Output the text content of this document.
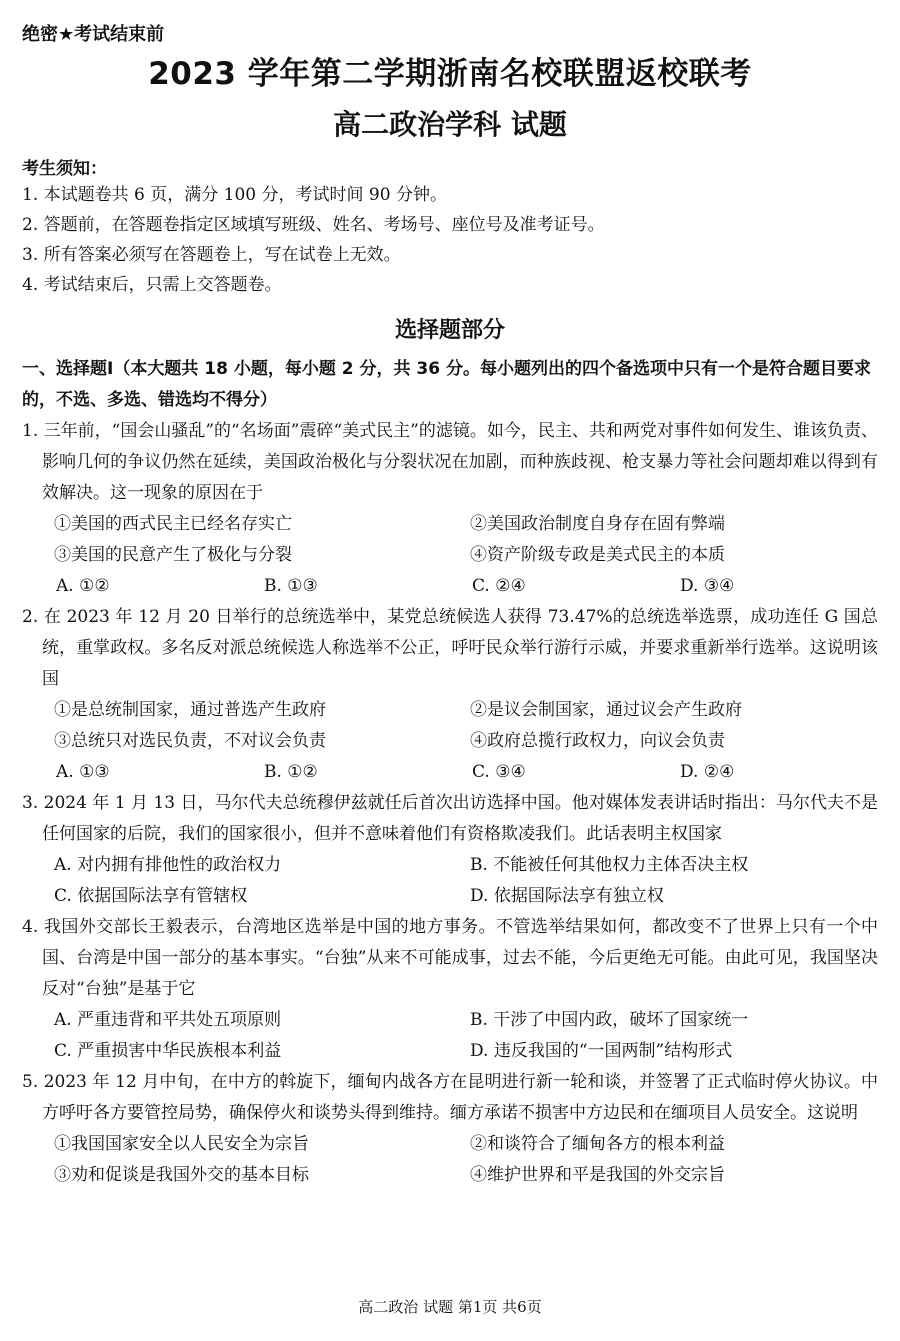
绝密★考试结束前
2023 学年第二学期浙南名校联盟返校联考
高二政治学科 试题
考生须知：
1. 本试题卷共 6 页，满分 100 分，考试时间 90 分钟。
2. 答题前，在答题卷指定区域填写班级、姓名、考场号、座位号及准考证号。
3. 所有答案必须写在答题卷上，写在试卷上无效。
4. 考试结束后，只需上交答题卷。
选择题部分
一、选择题Ⅰ（本大题共 18 小题，每小题 2 分，共 36 分。每小题列出的四个备选项中只有一个是符合题目要求的，不选、多选、错选均不得分）
1. 三年前，“国会山骚乱”的“名场面”震碎“美式民主”的滤镜。如今，民主、共和两党对事件如何发生、谁该负责、影响几何的争议仍然在延续，美国政治极化与分裂状况在加剧，而种族歧视、枪支暴力等社会问题却难以得到有效解决。这一现象的原因在于
①美国的西式民主已经名存实亡	②美国政治制度自身存在固有弊端
③美国的民意产生了极化与分裂	④资产阶级专政是美式民主的本质
A. ①②	B. ①③	C. ②④	D. ③④
2. 在 2023 年 12 月 20 日举行的总统选举中，某党总统候选人获得 73.47%的总统选举选票，成功连任 G 国总统，重掌政权。多名反对派总统候选人称选举不公正，呼吁民众举行游行示威，并要求重新举行选举。这说明该国
①是总统制国家，通过普选产生政府	②是议会制国家，通过议会产生政府
③总统只对选民负责，不对议会负责	④政府总揽行政权力，向议会负责
A. ①③	B. ①②	C. ③④	D. ②④
3. 2024 年 1 月 13 日，马尔代夫总统穆伊兹就任后首次出访选择中国。他对媒体发表讲话时指出：马尔代夫不是任何国家的后院，我们的国家很小，但并不意味着他们有资格欺凌我们。此话表明主权国家
A. 对内拥有排他性的政治权力	B. 不能被任何其他权力主体否决主权
C. 依据国际法享有管辖权	D. 依据国际法享有独立权
4. 我国外交部长王毅表示，台湾地区选举是中国的地方事务。不管选举结果如何，都改变不了世界上只有一个中国、台湾是中国一部分的基本事实。“台独”从来不可能成事，过去不能，今后更绝无可能。由此可见，我国坚决反对“台独”是基于它
A. 严重违背和平共处五项原则	B. 干涉了中国内政，破坏了国家统一
C. 严重损害中华民族根本利益	D. 违反我国的“一国两制”结构形式
5. 2023 年 12 月中旬，在中方的斡旋下，缅甸内战各方在昆明进行新一轮和谈，并签署了正式临时停火协议。中方呼吁各方要管控局势，确保停火和谈势头得到维持。缅方承诺不损害中方边民和在缅项目人员安全。这说明
①我国国家安全以人民安全为宗旨	②和谈符合了缅甸各方的根本利益
③劝和促谈是我国外交的基本目标	④维护世界和平是我国的外交宗旨
高二政治 试题 第1页 共6页
